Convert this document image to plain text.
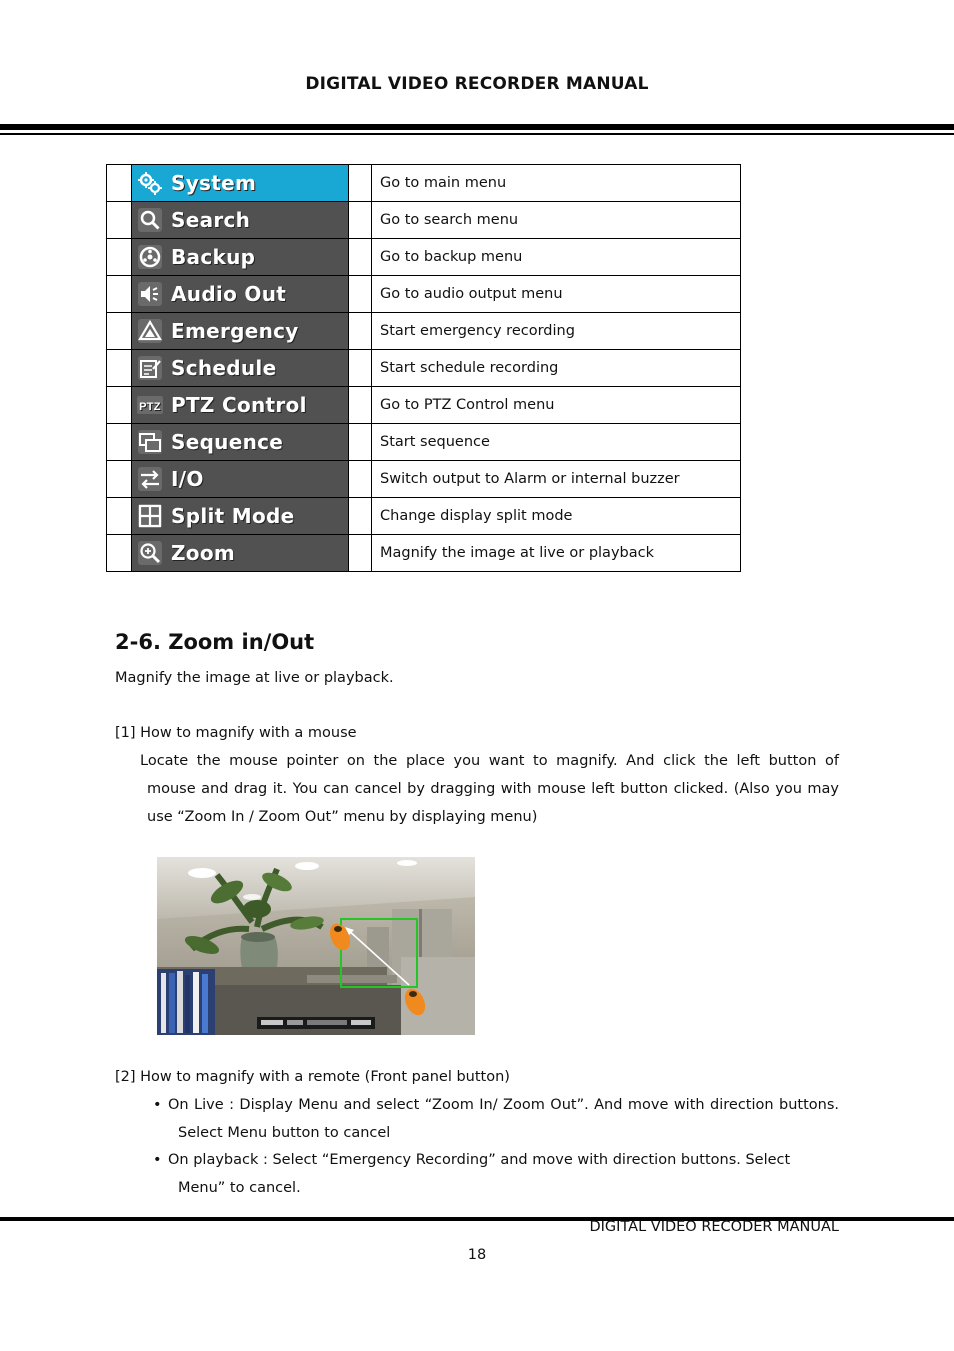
DIGITAL VIDEO RECORDER MANUAL

	System		Go to main menu

	Search		Go to search menu

	Backup		Go to backup menu

	Audio Out		Go to audio output menu

	Emergency		Start emergency recording

	Schedule		Start schedule recording

PTZ PTZ Control		Go to PTZ Control menu

	Sequence		Start sequence

	I/O		Switch output to Alarm or internal buzzer

	Split Mode		Change display split mode

	Zoom		Magnify the image at live or playback
2-6. Zoom in/Out
Magnify the image at live or playback.
[1] How to magnify with a mouse
Locate the mouse pointer on the place you want to magnify. And click the left button of
mouse and drag it. You can cancel by dragging with mouse left button clicked. (Also you may
use “Zoom In / Zoom Out” menu by displaying menu)
[2] How to magnify with a remote (Front panel button)
• On Live : Display Menu and select “Zoom In/ Zoom Out”. And move with direction buttons.
Select Menu button to cancel
• On playback : Select “Emergency Recording” and move with direction buttons. Select
Menu” to cancel.
DIGITAL VIDEO RECODER MANUAL
18
